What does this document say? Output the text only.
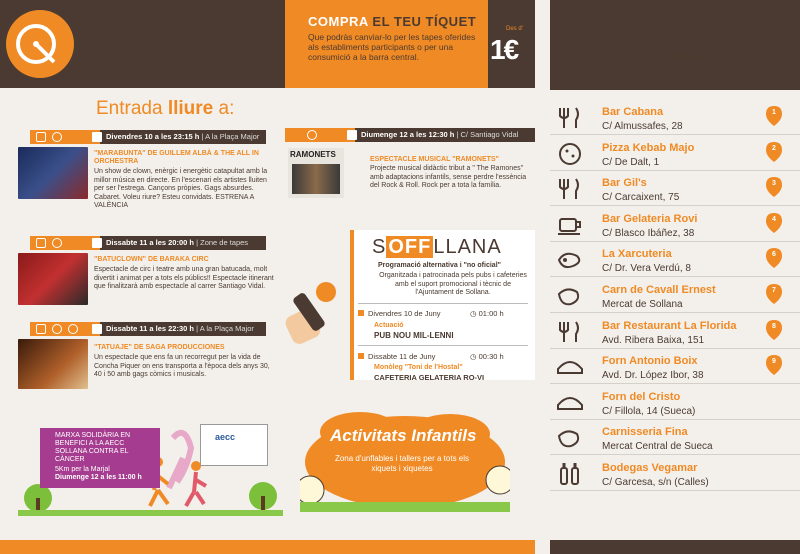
Horari de la
ZONA DE TAPES
Divendres 10 de 20:00 h a 00:30 h
Dissabte 11 Matí d' 11:00 h a 16:00 h
Dissabte 11 Vesprada de 19:00 h a 00:30 h
Diumenge 12 d' 11:00 h a 16:00 h
COMPRA EL TEU TÍQUET
Que podràs canviar-lo per les tapes oferides als establiments participants o per una consumició a la barra central.
Des d'
1€	LOCALS PARTICIPANTS
JORNADES GASTRONÒMIQUES
Entrada lliure a:
Divendres 10 a les 23:15 h | A la Plaça Major
"MARABUNTA" DE GUILLEM ALBÀ & THE ALL IN ORCHESTRA
Un show de clown, enèrgic i energètic catapultat amb la millor música en directe. En l'escenari els artistes lluiten per ser l'estrega. Cançons pròpies. Gags absurdes. Cabaret. Voleu riure? Esteu convidats. ESTRENA A VALÈNCIA
Dissabte 11 a les 20:00 h | Zone de tapes
"BATUCLOWN" DE BARAKA CIRC
Espectacle de circ i teatre amb una gran batucada, molt divertit i animat per a tots els públics!! Espectacle itinerant que finalitzarà amb espectacle al carrer Santiago Vidal.
Dissabte 11 a les 22:30 h | A la Plaça Major
"TATUAJE" DE SAGA PRODUCCIONES
Un espectacle que ens fa un recorregut per la vida de Concha Piquer on ens transporta a l'època dels anys 30, 40 i 50 amb gags còmics i musicals.
Diumenge 12 a les 12:30 h | C/ Santiago Vidal
RAMONETS
ESPECTACLE MUSICAL "RAMONETS"
Projecte musical didàctic tribut a " The Ramones" amb adaptacions infantils, sense perdre l'essència del Rock & Roll. Rock per a tota la família.
S OFF LLANA
Programació alternativa i "no oficial"
Organitzada i patrocinada pels pubs i cafeteries amb el suport promocional i tècnic de l'Ajuntament de Sollana.
Divendres 10 de Juny	◷ 01:00 h
Actuació
PUB NOU MIL-LENNI
Dissabte 11 de Juny	◷ 00:30 h
Monòleg "Toni de l'Hostal"
CAFETERIA GELATERIA RO-VI
MARXA SOLIDÀRIA EN BENEFICI A LA AECC SOLLANA CONTRA EL CÀNCER
5Km per la Marjal
Diumenge 12 a les 11:00 h
aecc	Activitats Infantils
Zona d'unflables i tallers per a tots els xiquets i xiquetes
Bar Cabana
C/ Almussafes, 28
1
Pizza Kebab Majo
C/ De Dalt, 1
2
Bar Gil's
C/ Carcaixent, 75
3
Bar Gelateria Rovi
C/ Blasco Ibáñez, 38
4
La Xarcuteria
C/ Dr. Vera Verdú, 8
6
Carn de Cavall Ernest
Mercat de Sollana
7
Bar Restaurant La Florida
Avd. Ribera Baixa, 151
8
Forn Antonio Boix
Avd. Dr. López Ibor, 38
9
Forn del Cristo
C/ Fillola, 14 (Sueca)
Carnisseria Fina
Mercat Central de Sueca
Bodegas Vegamar
C/ Garcesa, s/n (Calles)
